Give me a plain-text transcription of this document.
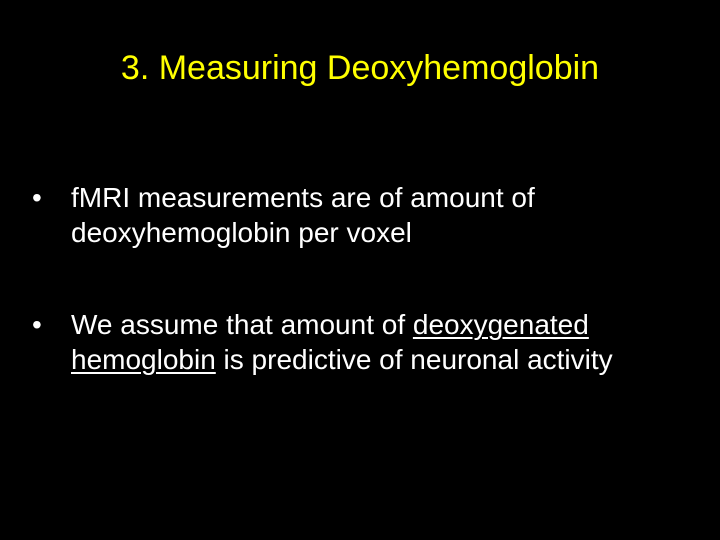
3. Measuring Deoxyhemoglobin
•	fMRI measurements are of amount of deoxyhemoglobin per voxel
•	We assume that amount of deoxygenated hemoglobin is predictive of neuronal activity
